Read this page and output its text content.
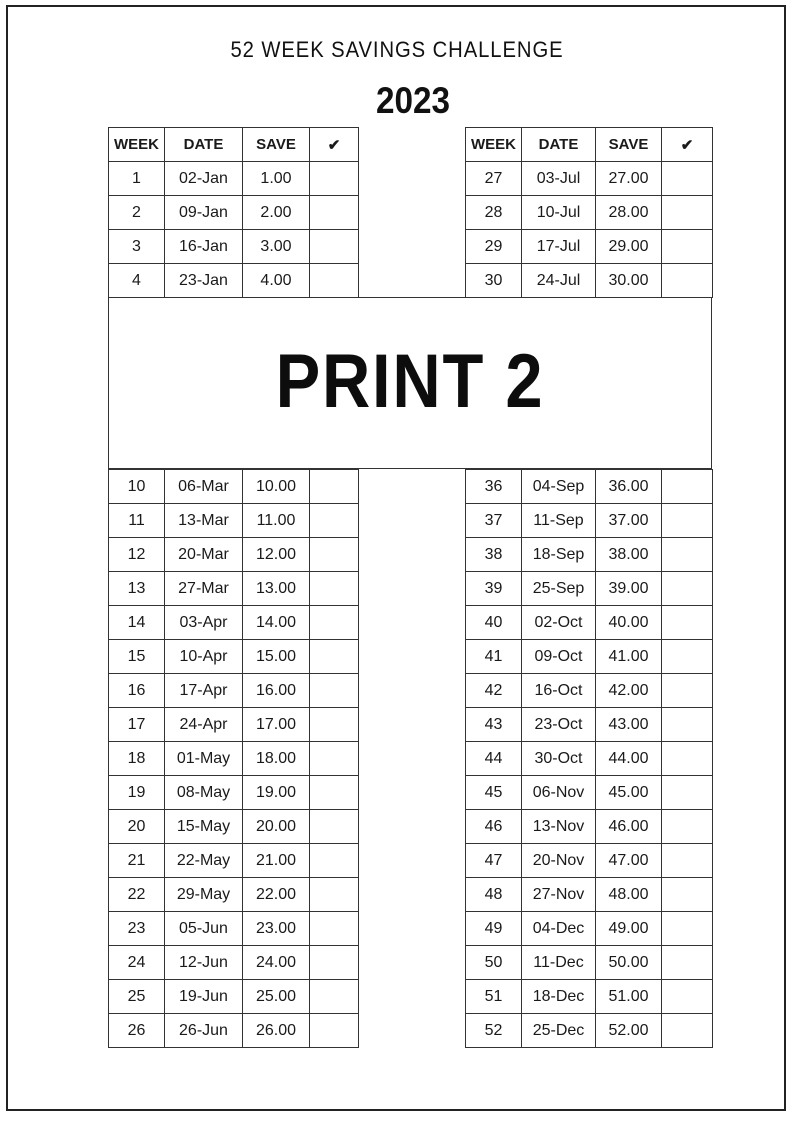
52 WEEK SAVINGS CHALLENGE
2023
WEEK	DATE	SAVE	✔
1	02-Jan	1.00	
2	09-Jan	2.00	
3	16-Jan	3.00	
4	23-Jan	4.00	
WEEK	DATE	SAVE	✔
27	03-Jul	27.00	
28	10-Jul	28.00	
29	17-Jul	29.00	
30	24-Jul	30.00	
PRINT 2
10	06-Mar	10.00	
11	13-Mar	11.00	
12	20-Mar	12.00	
13	27-Mar	13.00	
14	03-Apr	14.00	
15	10-Apr	15.00	
16	17-Apr	16.00	
17	24-Apr	17.00	
18	01-May	18.00	
19	08-May	19.00	
20	15-May	20.00	
21	22-May	21.00	
22	29-May	22.00	
23	05-Jun	23.00	
24	12-Jun	24.00	
25	19-Jun	25.00	
26	26-Jun	26.00	
36	04-Sep	36.00	
37	11-Sep	37.00	
38	18-Sep	38.00	
39	25-Sep	39.00	
40	02-Oct	40.00	
41	09-Oct	41.00	
42	16-Oct	42.00	
43	23-Oct	43.00	
44	30-Oct	44.00	
45	06-Nov	45.00	
46	13-Nov	46.00	
47	20-Nov	47.00	
48	27-Nov	48.00	
49	04-Dec	49.00	
50	11-Dec	50.00	
51	18-Dec	51.00	
52	25-Dec	52.00	
